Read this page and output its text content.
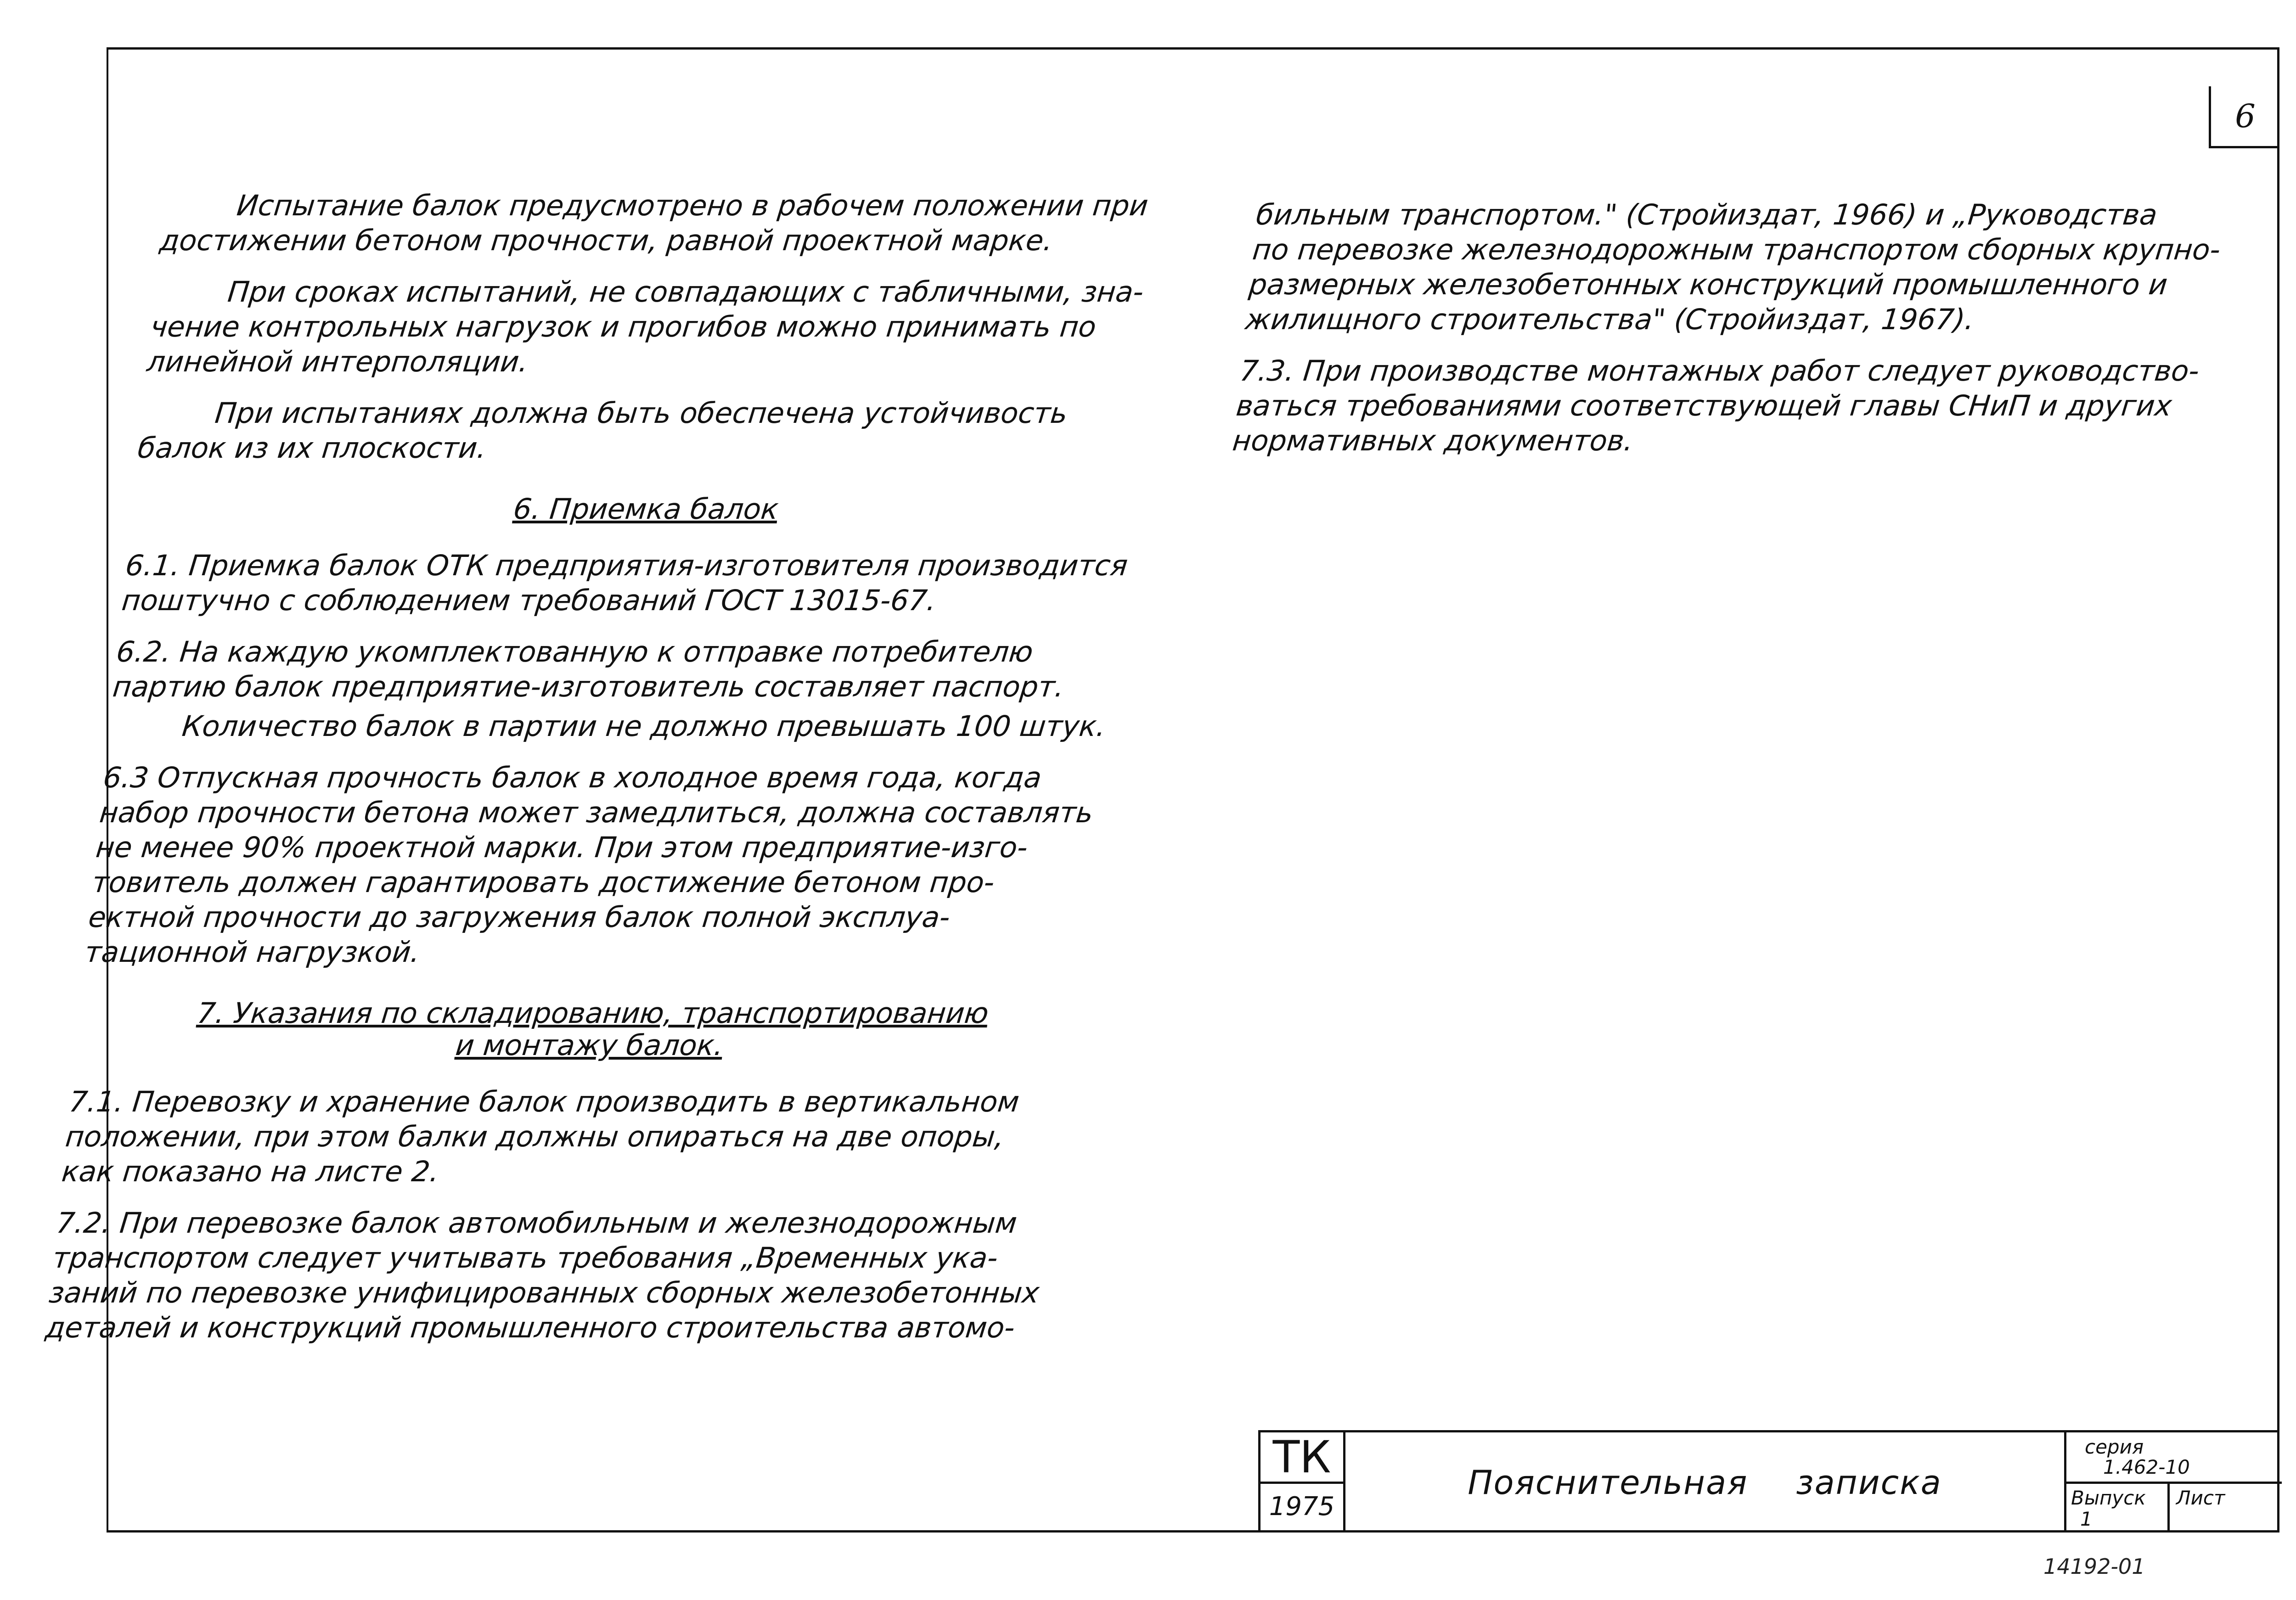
6

Испытание балок предусмотрено в рабочем положении при
достижении бетоном прочности, равной проектной марке.

При сроках испытаний, не совпадающих с табличными, зна-
чение контрольных нагрузок и прогибов можно принимать по
линейной интерполяции.

При испытаниях должна быть обеспечена устойчивость
балок из их плоскости.

6. Приемка балок

6.1. Приемка балок ОТК предприятия-изготовителя производится
поштучно с соблюдением требований ГОСТ 13015-67.

6.2. На каждую укомплектованную к отправке потребителю
партию балок предприятие-изготовитель составляет паспорт.

Количество балок в партии не должно превышать 100 штук.

6.3 Отпускная прочность балок в холодное время года, когда
набор прочности бетона может замедлиться, должна составлять
не менее 90% проектной марки. При этом предприятие-изго-
товитель должен гарантировать достижение бетоном про-
ектной прочности до загружения балок полной эксплуа-
тационной нагрузкой.

7. Указания по складированию, транспортированию
и монтажу балок.

7.1. Перевозку и хранение балок производить в вертикальном
положении, при этом балки должны опираться на две опоры,
как показано на листе 2.

7.2. При перевозке балок автомобильным и железнодорожным
транспортом следует учитывать требования „Временных ука-
заний по перевозке унифицированных сборных железобетонных
деталей и конструкций промышленного строительства автомо-

бильным транспортом." (Стройиздат, 1966) и „Руководства
по перевозке железнодорожным транспортом сборных крупно-
размерных железобетонных конструкций промышленного и
жилищного строительства" (Стройиздат, 1967).

7.3. При производстве монтажных работ следует руководство-
ваться требованиями соответствующей главы СНиП и других
нормативных документов.

ТК
1975
Пояснительная записка
серия
1.462-10
Выпуск
1
Лист
14192-01
